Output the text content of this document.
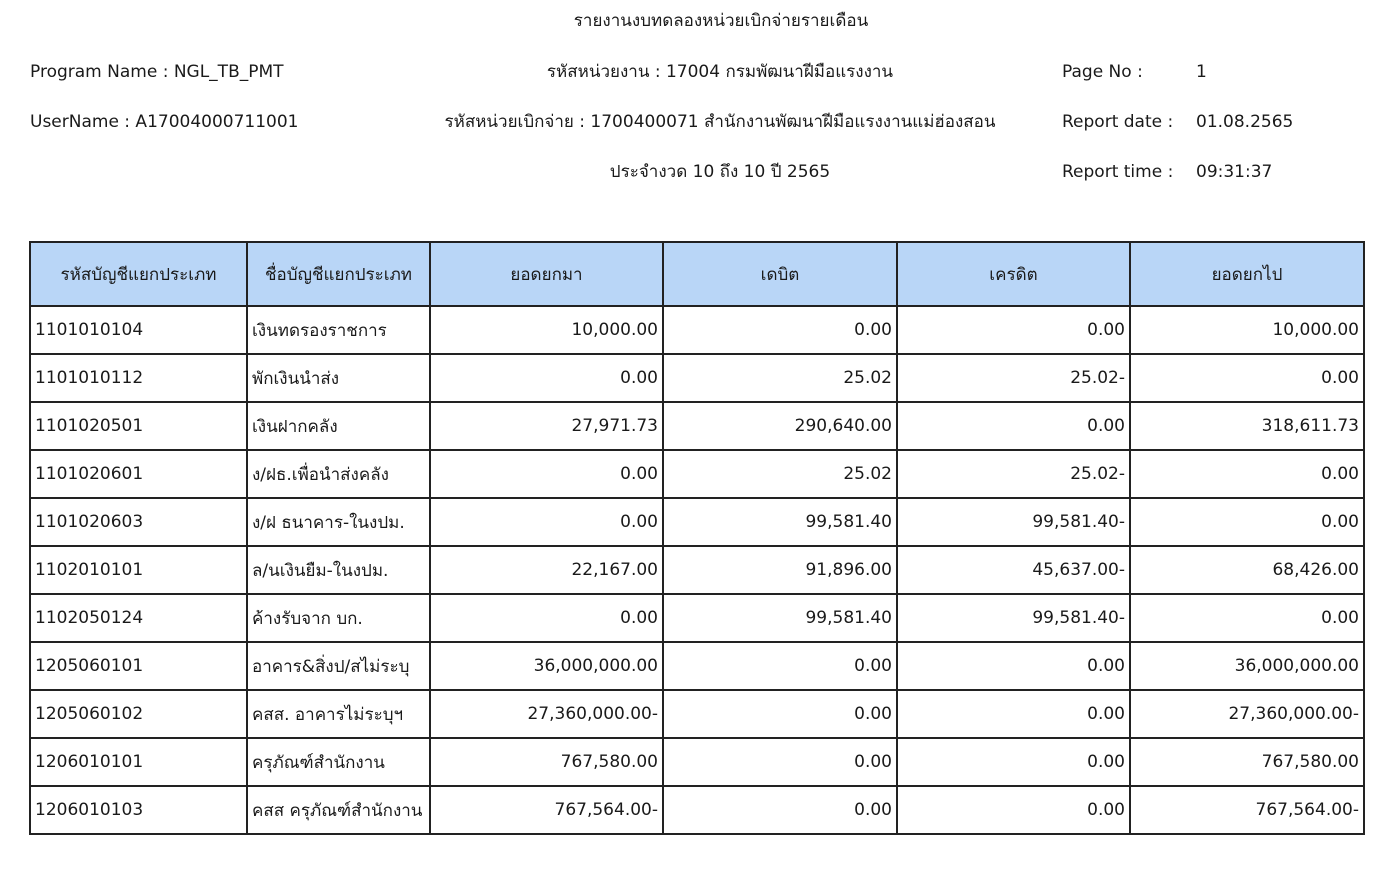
รายงานงบทดลองหน่วยเบิกจ่ายรายเดือน
Program Name : NGL_TB_PMT	รหัสหน่วยงาน : 17004 กรมพัฒนาฝีมือแรงงาน	Page No :	1
UserName : A17004000711001	รหัสหน่วยเบิกจ่าย : 1700400071 สำนักงานพัฒนาฝีมือแรงงานแม่ฮ่องสอน	Report date : 01.08.2565
ประจำงวด 10 ถึง 10 ปี 2565	Report time : 09:31:37
รหัสบัญชีแยกประเภท	ชื่อบัญชีแยกประเภท	ยอดยกมา	เดบิต	เครดิต	ยอดยกไป
1101010104	เงินทดรองราชการ	10,000.00	0.00	0.00	10,000.00
1101010112	พักเงินนำส่ง	0.00	25.02	25.02-	0.00
1101020501	เงินฝากคลัง	27,971.73	290,640.00	0.00	318,611.73
1101020601	ง/ฝธ.เพื่อนำส่งคลัง	0.00	25.02	25.02-	0.00
1101020603	ง/ฝ ธนาคาร-ในงปม.	0.00	99,581.40	99,581.40-	0.00
1102010101	ล/นเงินยืม-ในงปม.	22,167.00	91,896.00	45,637.00-	68,426.00
1102050124	ค้างรับจาก บก.	0.00	99,581.40	99,581.40-	0.00
1205060101	อาคาร&สิ่งป/สไม่ระบุ	36,000,000.00	0.00	0.00	36,000,000.00
1205060102	คสส. อาคารไม่ระบุฯ	27,360,000.00-	0.00	0.00	27,360,000.00-
1206010101	ครุภัณฑ์สำนักงาน	767,580.00	0.00	0.00	767,580.00
1206010103	คสส ครุภัณฑ์สำนักงาน	767,564.00-	0.00	0.00	767,564.00-
